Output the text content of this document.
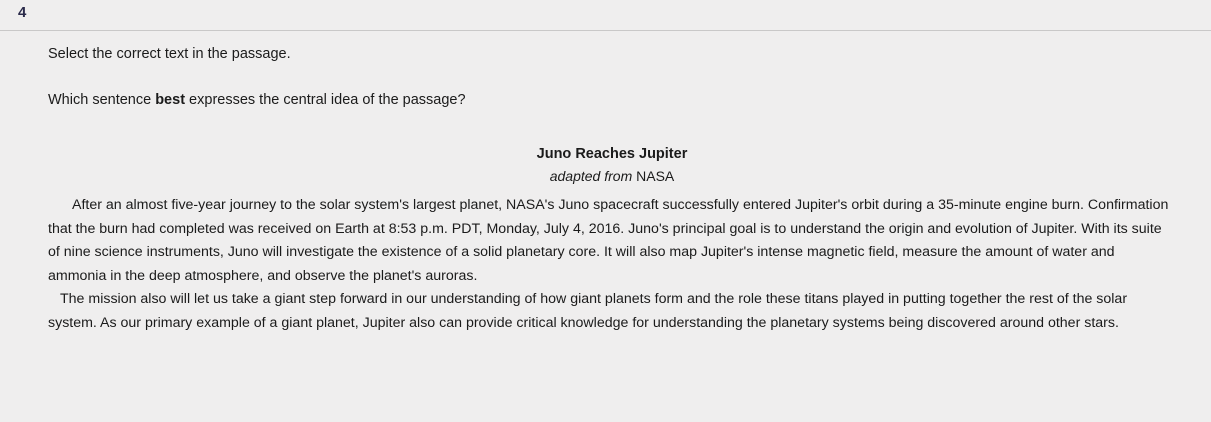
4

Select the correct text in the passage.

Which sentence best expresses the central idea of the passage?

Juno Reaches Jupiter

adapted from NASA

After an almost five-year journey to the solar system's largest planet, NASA's Juno spacecraft successfully entered Jupiter's orbit during a 35-minute engine burn. Confirmation that the burn had completed was received on Earth at 8:53 p.m. PDT, Monday, July 4, 2016. Juno's principal goal is to understand the origin and evolution of Jupiter. With its suite of nine science instruments, Juno will investigate the existence of a solid planetary core. It will also map Jupiter's intense magnetic field, measure the amount of water and ammonia in the deep atmosphere, and observe the planet's auroras.

The mission also will let us take a giant step forward in our understanding of how giant planets form and the role these titans played in putting together the rest of the solar system. As our primary example of a giant planet, Jupiter also can provide critical knowledge for understanding the planetary systems being discovered around other stars.
